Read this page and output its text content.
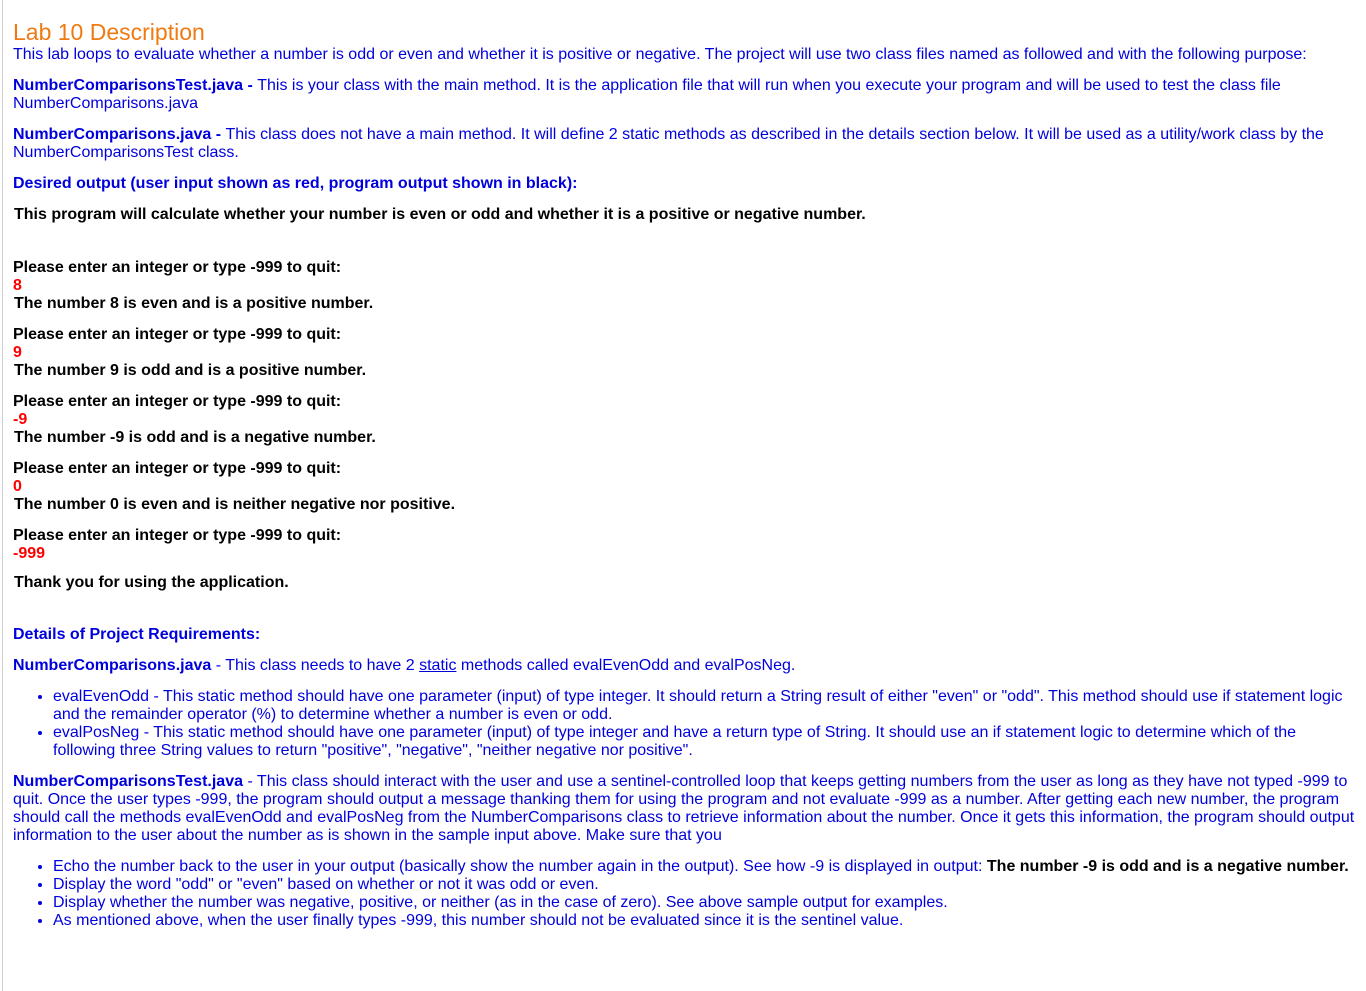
Lab 10 Description

This lab loops to evaluate whether a number is odd or even and whether it is positive or negative. The project will use two class files named as followed and with the following purpose:

NumberComparisonsTest.java - This is your class with the main method. It is the application file that will run when you execute your program and will be used to test the class file NumberComparisons.java

NumberComparisons.java - This class does not have a main method. It will define 2 static methods as described in the details section below. It will be used as a utility/work class by the NumberComparisonsTest class.

Desired output (user input shown as red, program output shown in black):

This program will calculate whether your number is even or odd and whether it is a positive or negative number.

Please enter an integer or type -999 to quit:

8

The number 8 is even and is a positive number.

Please enter an integer or type -999 to quit:

9

The number 9 is odd and is a positive number.

Please enter an integer or type -999 to quit:

-9

The number -9 is odd and is a negative number.

Please enter an integer or type -999 to quit:

0

The number 0 is even and is neither negative nor positive.

Please enter an integer or type -999 to quit:

-999

Thank you for using the application.

Details of Project Requirements:

NumberComparisons.java - This class needs to have 2 static methods called evalEvenOdd and evalPosNeg.

• evalEvenOdd - This static method should have one parameter (input) of type integer. It should return a String result of either "even" or "odd". This method should use if statement logic and the remainder operator (%) to determine whether a number is even or odd.
• evalPosNeg - This static method should have one parameter (input) of type integer and have a return type of String. It should use an if statement logic to determine which of the following three String values to return "positive", "negative", "neither negative nor positive".

NumberComparisonsTest.java - This class should interact with the user and use a sentinel-controlled loop that keeps getting numbers from the user as long as they have not typed -999 to quit. Once the user types -999, the program should output a message thanking them for using the program and not evaluate -999 as a number. After getting each new number, the program should call the methods evalEvenOdd and evalPosNeg from the NumberComparisons class to retrieve information about the number. Once it gets this information, the program should output information to the user about the number as is shown in the sample input above. Make sure that you

• Echo the number back to the user in your output (basically show the number again in the output). See how -9 is displayed in output: The number -9 is odd and is a negative number.
• Display the word "odd" or "even" based on whether or not it was odd or even.
• Display whether the number was negative, positive, or neither (as in the case of zero). See above sample output for examples.
• As mentioned above, when the user finally types -999, this number should not be evaluated since it is the sentinel value.
